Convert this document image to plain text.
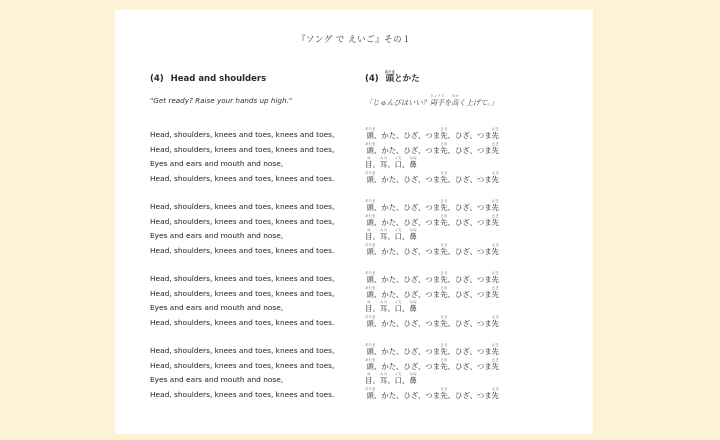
『ソング で えいご』その１
(4) Head and shoulders
"Get ready? Raise your hands up high."
Head, shoulders, knees and toes, knees and toes,
Head, shoulders, knees and toes, knees and toes,
Eyes and ears and mouth and nose,
Head, shoulders, knees and toes, knees and toes.
Head, shoulders, knees and toes, knees and toes,
Head, shoulders, knees and toes, knees and toes,
Eyes and ears and mouth and nose,
Head, shoulders, knees and toes, knees and toes.
Head, shoulders, knees and toes, knees and toes,
Head, shoulders, knees and toes, knees and toes,
Eyes and ears and mouth and nose,
Head, shoulders, knees and toes, knees and toes.
Head, shoulders, knees and toes, knees and toes,
Head, shoulders, knees and toes, knees and toes,
Eyes and ears and mouth and nose,
Head, shoulders, knees and toes, knees and toes.
(4) 頭あたまとかた
「じゅんびはいい？両手りょうてを高たかく上げて。」
頭あたま、かた、ひざ、つま先さき、ひざ、つま先さき
頭あたま、かた、ひざ、つま先さき、ひざ、つま先さき
目め、耳みみ、口くち、鼻はな
頭あたま、かた、ひざ、つま先さき、ひざ、つま先さき
頭あたま、かた、ひざ、つま先さき、ひざ、つま先さき
頭あたま、かた、ひざ、つま先さき、ひざ、つま先さき
目め、耳みみ、口くち、鼻はな
頭あたま、かた、ひざ、つま先さき、ひざ、つま先さき
頭あたま、かた、ひざ、つま先さき、ひざ、つま先さき
頭あたま、かた、ひざ、つま先さき、ひざ、つま先さき
目め、耳みみ、口くち、鼻はな
頭あたま、かた、ひざ、つま先さき、ひざ、つま先さき
頭あたま、かた、ひざ、つま先さき、ひざ、つま先さき
頭あたま、かた、ひざ、つま先さき、ひざ、つま先さき
目め、耳みみ、口くち、鼻はな
頭あたま、かた、ひざ、つま先さき、ひざ、つま先さき
